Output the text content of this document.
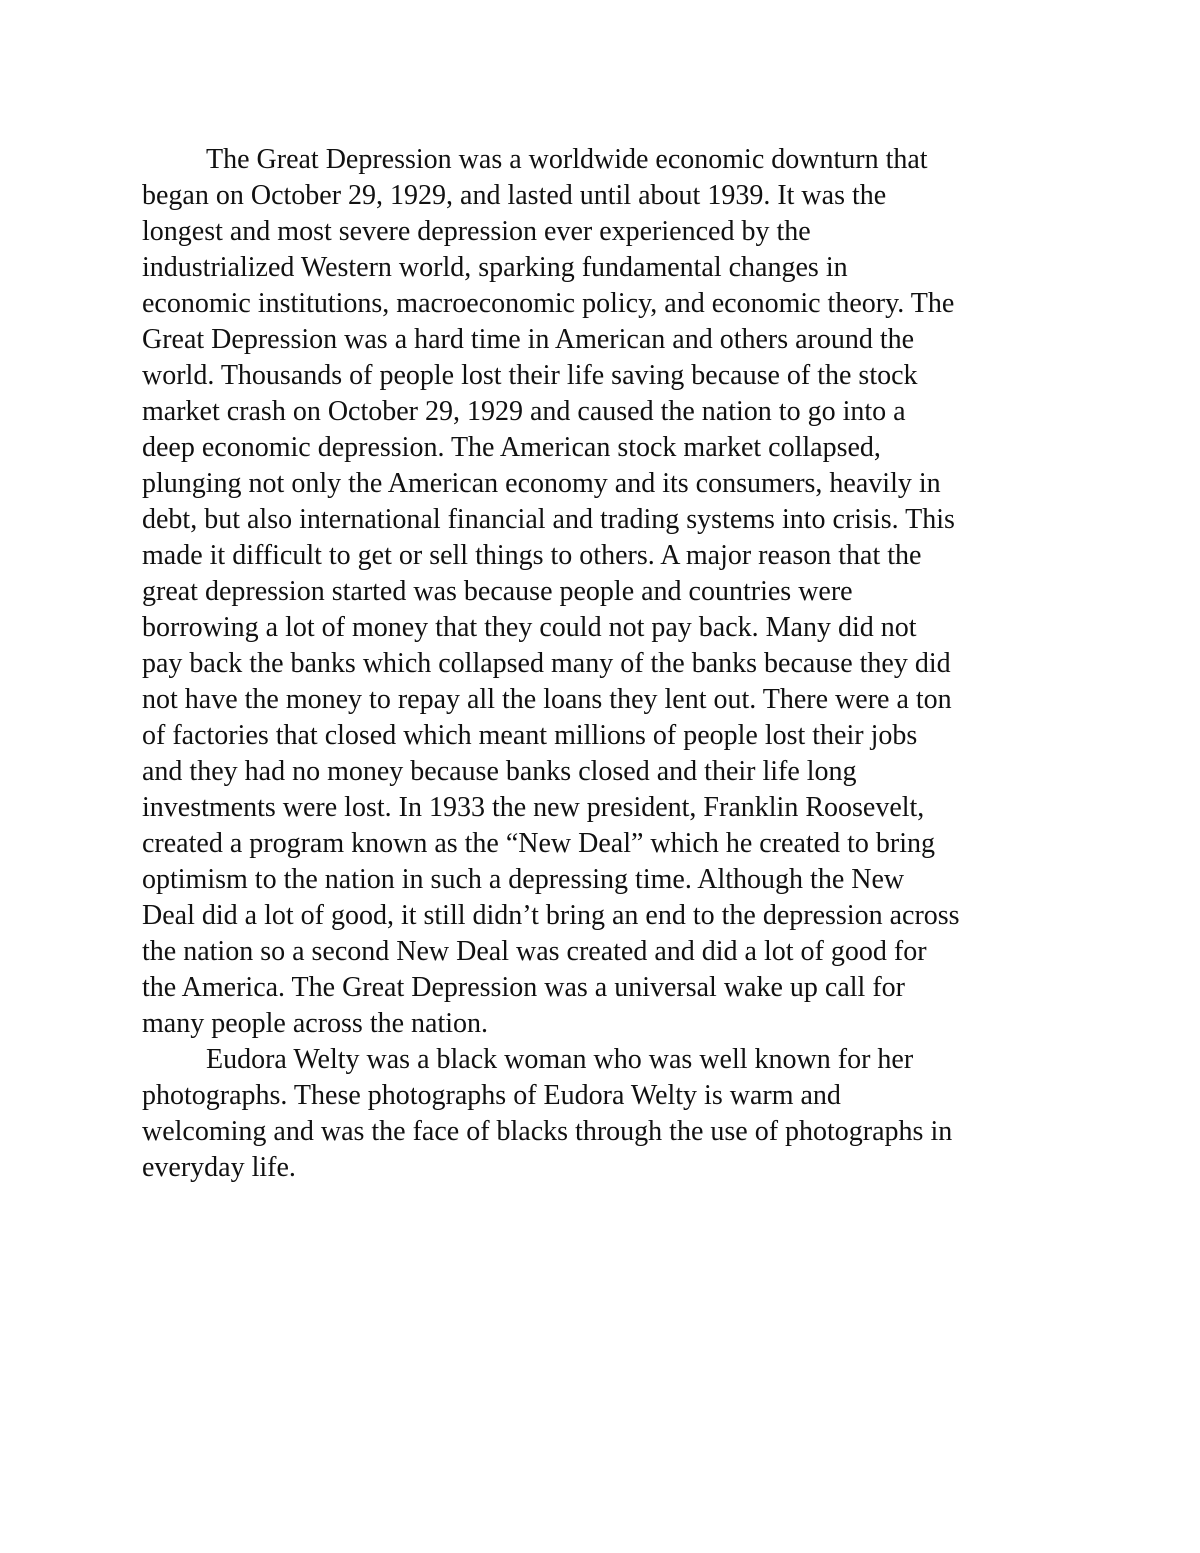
The Great Depression was a worldwide economic downturn that
began on October 29, 1929, and lasted until about 1939. It was the
longest and most severe depression ever experienced by the
industrialized Western world, sparking fundamental changes in
economic institutions, macroeconomic policy, and economic theory. The
Great Depression was a hard time in American and others around the
world. Thousands of people lost their life saving because of the stock
market crash on October 29, 1929 and caused the nation to go into a
deep economic depression. The American stock market collapsed,
plunging not only the American economy and its consumers, heavily in
debt, but also international financial and trading systems into crisis. This
made it difficult to get or sell things to others. A major reason that the
great depression started was because people and countries were
borrowing a lot of money that they could not pay back. Many did not
pay back the banks which collapsed many of the banks because they did
not have the money to repay all the loans they lent out. There were a ton
of factories that closed which meant millions of people lost their jobs
and they had no money because banks closed and their life long
investments were lost. In 1933 the new president, Franklin Roosevelt,
created a program known as the “New Deal” which he created to bring
optimism to the nation in such a depressing time. Although the New
Deal did a lot of good, it still didn’t bring an end to the depression across
the nation so a second New Deal was created and did a lot of good for
the America. The Great Depression was a universal wake up call for
many people across the nation.
Eudora Welty was a black woman who was well known for her
photographs. These photographs of Eudora Welty is warm and
welcoming and was the face of blacks through the use of photographs in
everyday life.
